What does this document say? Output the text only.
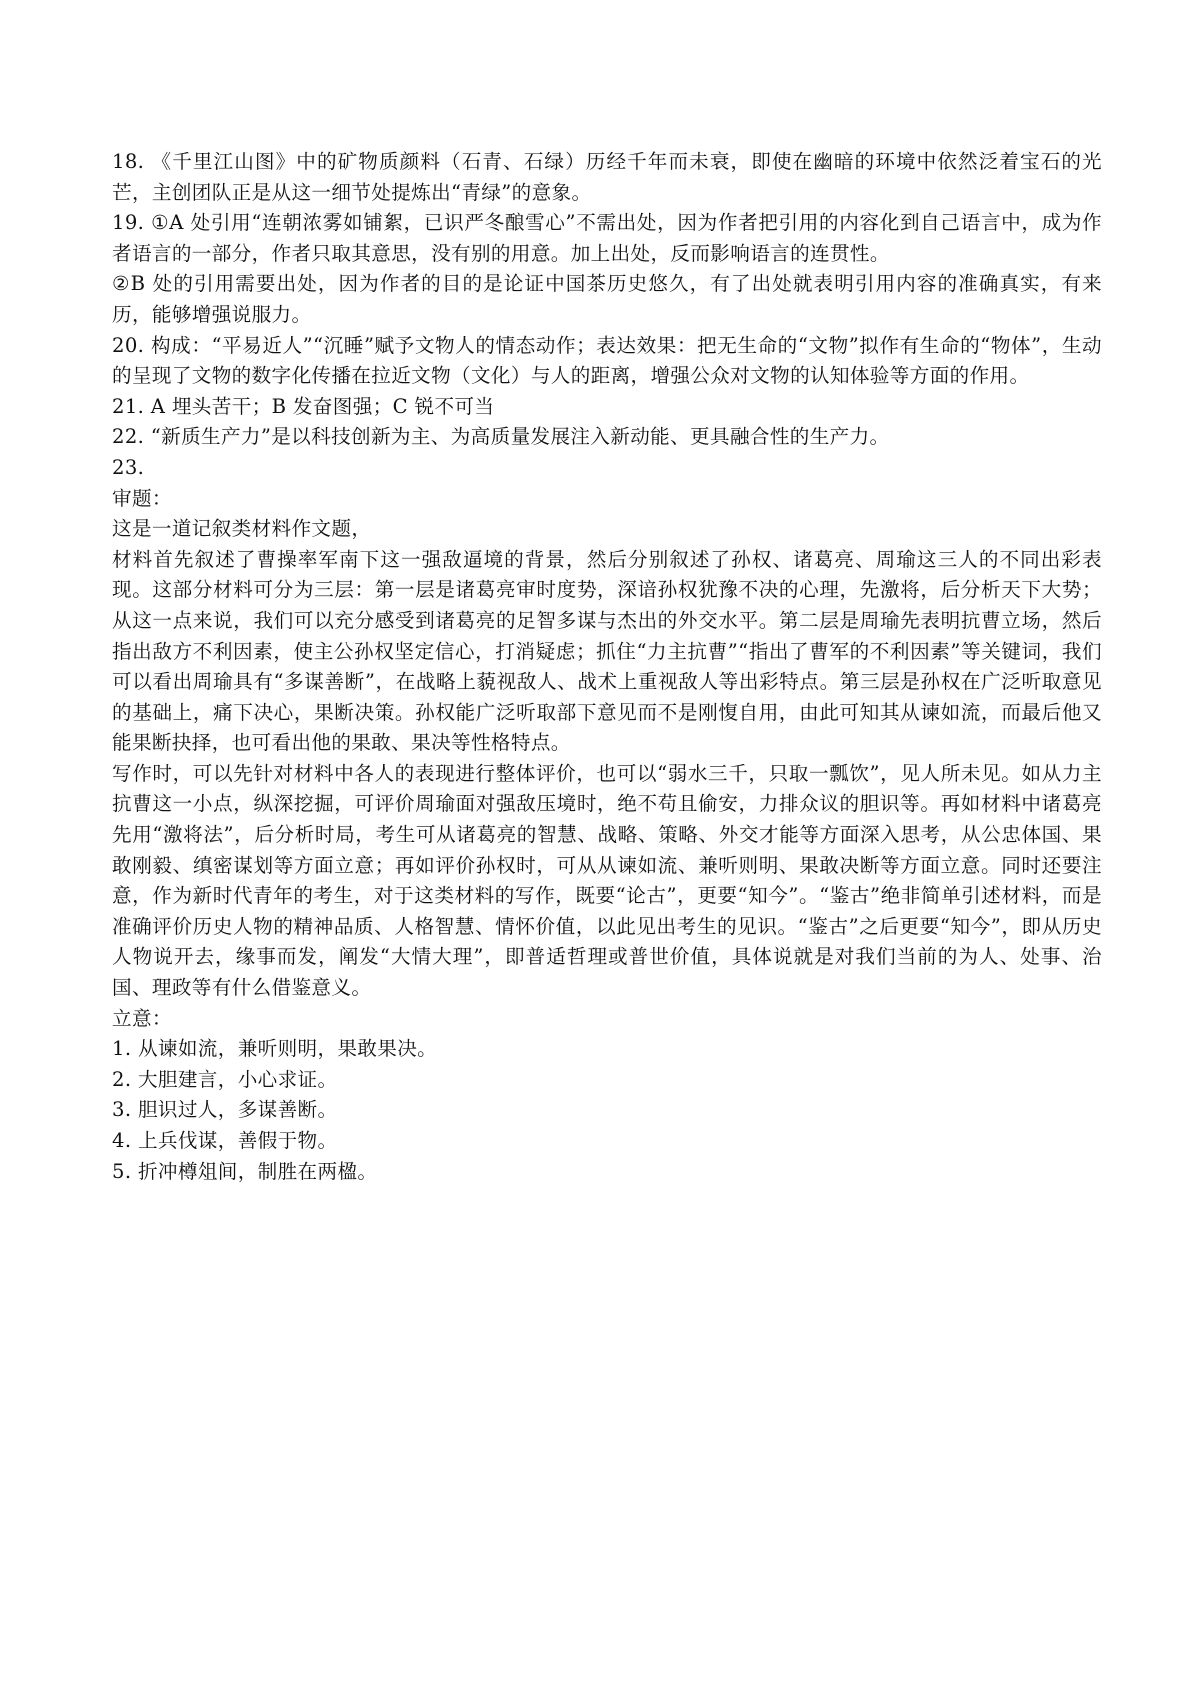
18. 《千里江山图》中的矿物质颜料（石青、石绿）历经千年而未衰，即使在幽暗的环境中依然泛着宝石的光芒，主创团队正是从这一细节处提炼出“青绿”的意象。

19. ①A 处引用“连朝浓雾如铺絮，已识严冬酿雪心”不需出处，因为作者把引用的内容化到自己语言中，成为作者语言的一部分，作者只取其意思，没有别的用意。加上出处，反而影响语言的连贯性。

②B 处的引用需要出处，因为作者的目的是论证中国茶历史悠久，有了出处就表明引用内容的准确真实，有来历，能够增强说服力。

20. 构成：“平易近人”“沉睡”赋予文物人的情态动作；表达效果：把无生命的“文物”拟作有生命的“物体”，生动的呈现了文物的数字化传播在拉近文物（文化）与人的距离，增强公众对文物的认知体验等方面的作用。

21. A 埋头苦干；B 发奋图强；C 锐不可当

22. “新质生产力”是以科技创新为主、为高质量发展注入新动能、更具融合性的生产力。

23.

审题：

这是一道记叙类材料作文题，

材料首先叙述了曹操率军南下这一强敌逼境的背景，然后分别叙述了孙权、诸葛亮、周瑜这三人的不同出彩表现。这部分材料可分为三层：第一层是诸葛亮审时度势，深谙孙权犹豫不决的心理，先激将，后分析天下大势；从这一点来说，我们可以充分感受到诸葛亮的足智多谋与杰出的外交水平。第二层是周瑜先表明抗曹立场，然后指出敌方不利因素，使主公孙权坚定信心，打消疑虑；抓住“力主抗曹”“指出了曹军的不利因素”等关键词，我们可以看出周瑜具有“多谋善断”，在战略上藐视敌人、战术上重视敌人等出彩特点。第三层是孙权在广泛听取意见的基础上，痛下决心，果断决策。孙权能广泛听取部下意见而不是刚愎自用，由此可知其从谏如流，而最后他又能果断抉择，也可看出他的果敢、果决等性格特点。

写作时，可以先针对材料中各人的表现进行整体评价，也可以“弱水三千，只取一瓢饮”，见人所未见。如从力主抗曹这一小点，纵深挖掘，可评价周瑜面对强敌压境时，绝不苟且偷安，力排众议的胆识等。再如材料中诸葛亮先用“激将法”，后分析时局，考生可从诸葛亮的智慧、战略、策略、外交才能等方面深入思考，从公忠体国、果敢刚毅、缜密谋划等方面立意；再如评价孙权时，可从从谏如流、兼听则明、果敢决断等方面立意。同时还要注意，作为新时代青年的考生，对于这类材料的写作，既要“论古”，更要“知今”。“鉴古”绝非简单引述材料，而是准确评价历史人物的精神品质、人格智慧、情怀价值，以此见出考生的见识。“鉴古”之后更要“知今”，即从历史人物说开去，缘事而发，阐发“大情大理”，即普适哲理或普世价值，具体说就是对我们当前的为人、处事、治国、理政等有什么借鉴意义。

立意：

1. 从谏如流，兼听则明，果敢果决。

2. 大胆建言，小心求证。

3. 胆识过人，多谋善断。

4. 上兵伐谋，善假于物。

5. 折冲樽俎间，制胜在两楹。
